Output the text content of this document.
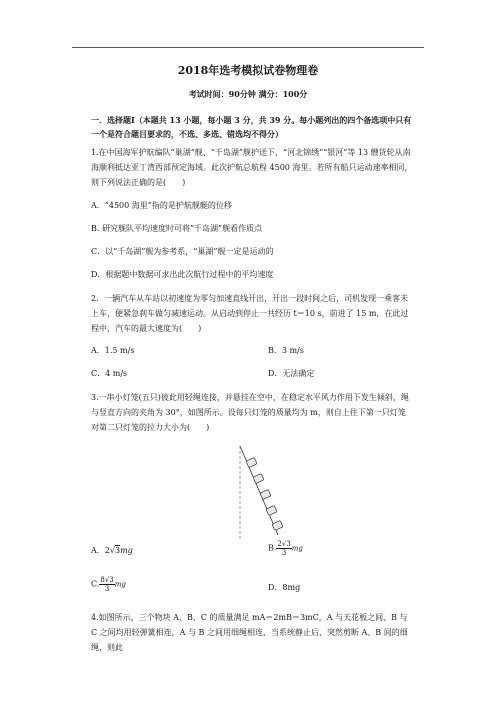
2018年选考模拟试卷物理卷
考试时间：90分钟 满分：100分
一．选择题Ⅰ（本题共 13 小题，每小题 3 分，共 39 分。每小题列出的四个备选项中只有一个是符合题目要求的，不选、多选、错选均不得分）
1.在中国海军护航编队“巢湖”舰、“千岛湖”舰护送下，“河北锦绣”“银河”等 13 艘货轮从南海顺利抵达亚丁湾西部预定海域。此次护航总航程 4500 海里。若所有船只运动速率相同，则下列说法正确的是(　　)
A．“4500 海里”指的是护航舰艇的位移
B. 研究舰队平均速度时可将“千岛湖”舰看作质点
C．以“千岛湖”舰为参考系，“巢湖”舰一定是运动的
D．根据题中数据可求出此次航行过程中的平均速度
2．一辆汽车从车站以初速度为零匀加速直线开出，开出一段时间之后，司机发现一乘客未上车，便紧急刹车做匀减速运动。从启动到停止一共经历 t＝10 s，前进了 15 m，在此过程中，汽车的最大速度为(　　)
A．1.5 m/s	B．3 m/s
C．4 m/s	D．无法确定
3.一串小灯笼(五只)彼此用轻绳连接，并悬挂在空中，在稳定水平风力作用下发生倾斜，绳与竖直方向的夹角为 30°，如图所示。设每只灯笼的质量均为 m，则自上往下第一只灯笼对第二只灯笼的拉力大小为(　　)
A．2√3mg	B. $\frac{2√3}{3}$ mg
C. $\frac{8√3}{3}$ mg	D．8mg
4.如图所示，三个物块 A、B、C 的质量满足 mA＝2mB＝3mC，A 与天花板之间、B 与 C 之间均用轻弹簧相连，A 与 B 之间用细绳相连，当系统静止后，突然剪断 A、B 间的细绳，则此
